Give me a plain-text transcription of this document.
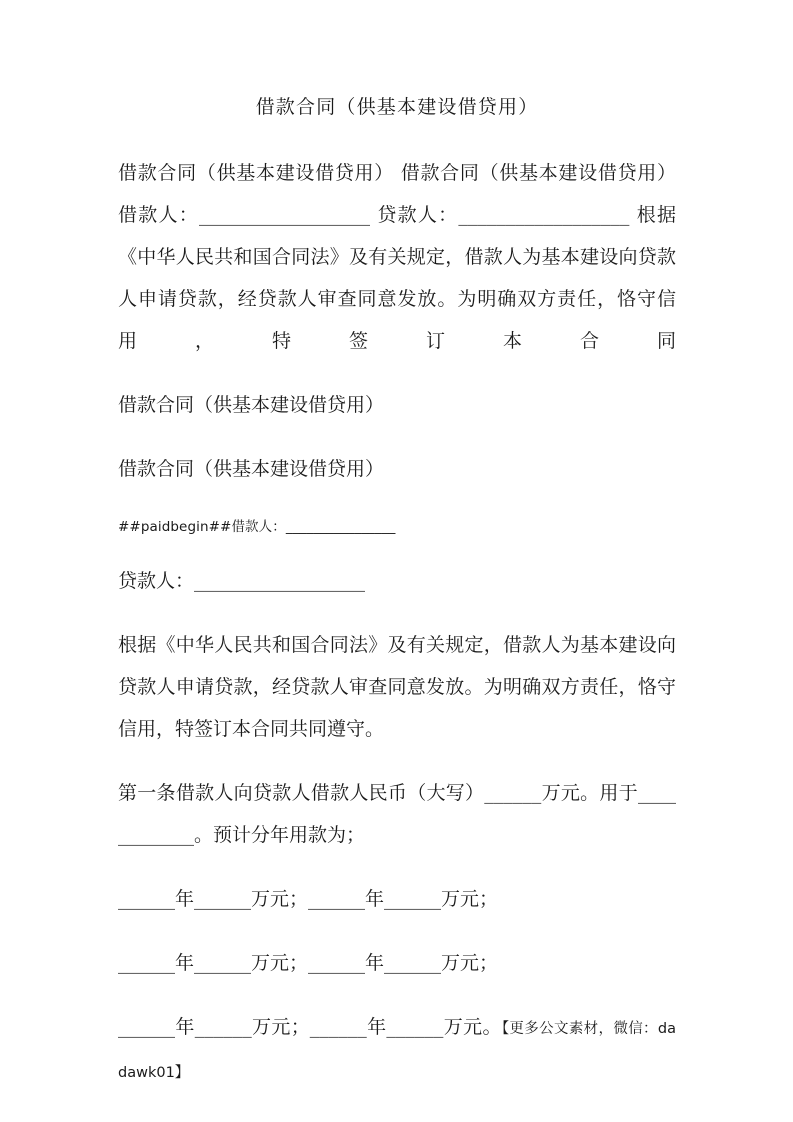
借款合同（供基本建设借贷用）

借款合同（供基本建设借贷用） 借款合同（供基本建设借贷用） 借款人：__________________ 贷款人：__________________ 根据《中华人民共和国合同法》及有关规定，借款人为基本建设向贷款人申请贷款，经贷款人审查同意发放。为明确双方责任，恪守信用，特签订本合同

借款合同（供基本建设借贷用）

借款合同（供基本建设借贷用）

##paidbegin##借款人：________________

贷款人：__________________

根据《中华人民共和国合同法》及有关规定，借款人为基本建设向贷款人申请贷款，经贷款人审查同意发放。为明确双方责任，恪守信用，特签订本合同共同遵守。

第一条借款人向贷款人借款人民币（大写）______万元。用于____________。预计分年用款为；

______年______万元；______年______万元；

______年______万元；______年______万元；

______年______万元；______年______万元。【更多公文素材，微信：da dawk01】
